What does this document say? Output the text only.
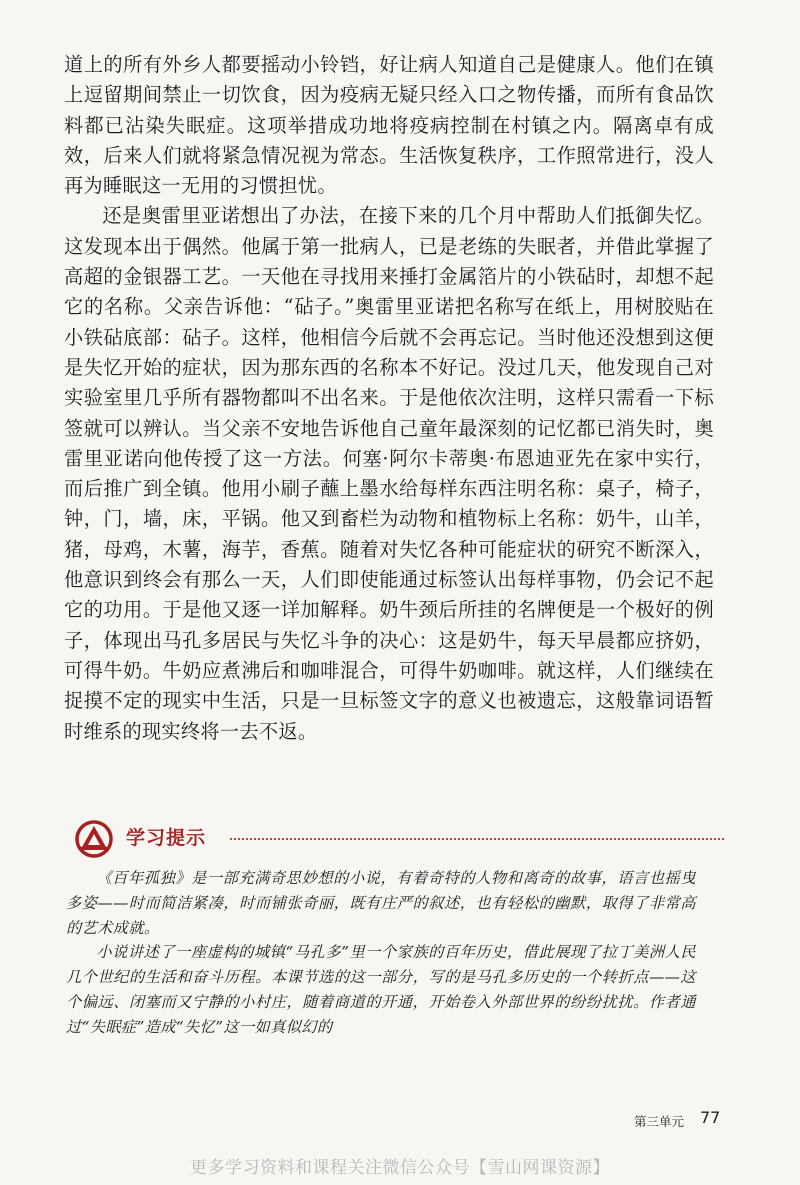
道上的所有外乡人都要摇动小铃铛，好让病人知道自己是健康人。他们在镇上逗留期间禁止一切饮食，因为疫病无疑只经入口之物传播，而所有食品饮料都已沾染失眠症。这项举措成功地将疫病控制在村镇之内。隔离卓有成效，后来人们就将紧急情况视为常态。生活恢复秩序，工作照常进行，没人再为睡眠这一无用的习惯担忧。

还是奥雷里亚诺想出了办法，在接下来的几个月中帮助人们抵御失忆。这发现本出于偶然。他属于第一批病人，已是老练的失眠者，并借此掌握了高超的金银器工艺。一天他在寻找用来捶打金属箔片的小铁砧时，却想不起它的名称。父亲告诉他：“砧子。”奥雷里亚诺把名称写在纸上，用树胶贴在小铁砧底部：砧子。这样，他相信今后就不会再忘记。当时他还没想到这便是失忆开始的症状，因为那东西的名称本不好记。没过几天，他发现自己对实验室里几乎所有器物都叫不出名来。于是他依次注明，这样只需看一下标签就可以辨认。当父亲不安地告诉他自己童年最深刻的记忆都已消失时，奥雷里亚诺向他传授了这一方法。何塞·阿尔卡蒂奥·布恩迪亚先在家中实行，而后推广到全镇。他用小刷子蘸上墨水给每样东西注明名称：桌子，椅子，钟，门，墙，床，平锅。他又到畜栏为动物和植物标上名称：奶牛，山羊，猪，母鸡，木薯，海芋，香蕉。随着对失忆各种可能症状的研究不断深入，他意识到终会有那么一天，人们即使能通过标签认出每样事物，仍会记不起它的功用。于是他又逐一详加解释。奶牛颈后所挂的名牌便是一个极好的例子，体现出马孔多居民与失忆斗争的决心：这是奶牛，每天早晨都应挤奶，可得牛奶。牛奶应煮沸后和咖啡混合，可得牛奶咖啡。就这样，人们继续在捉摸不定的现实中生活，只是一旦标签文字的意义也被遗忘，这般靠词语暂时维系的现实终将一去不返。

学习提示

《百年孤独》是一部充满奇思妙想的小说，有着奇特的人物和离奇的故事，语言也摇曳多姿——时而简洁紧凑，时而铺张奇丽，既有庄严的叙述，也有轻松的幽默，取得了非常高的艺术成就。

小说讲述了一座虚构的城镇“马孔多”里一个家族的百年历史，借此展现了拉丁美洲人民几个世纪的生活和奋斗历程。本课节选的这一部分，写的是马孔多历史的一个转折点——这个偏远、闭塞而又宁静的小村庄，随着商道的开通，开始卷入外部世界的纷纷扰扰。作者通过“失眠症”造成“失忆”这一如真似幻的

第三单元 77
更多学习资料和课程关注微信公众号【雪山网课资源】
